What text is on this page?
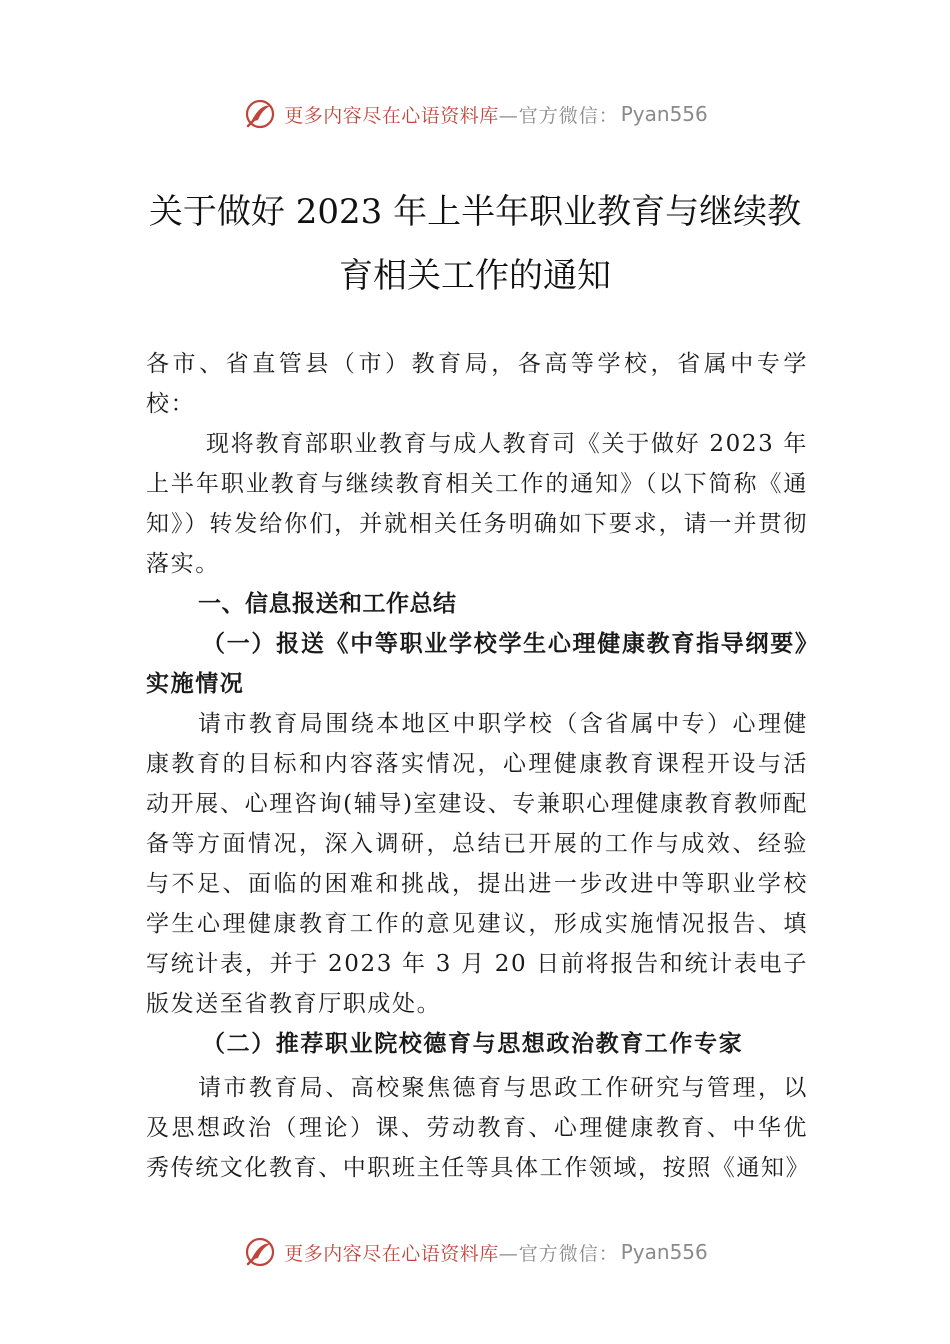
更多内容尽在心语资料库 —官方微信： Pyan556
关于做好 2023 年上半年职业教育与继续教
育相关工作的通知

各市、省直管县（市）教育局，各高等学校，省属中专学校：

现将教育部职业教育与成人教育司《关于做好 2023 年上半年职业教育与继续教育相关工作的通知》（以下简称《通知》）转发给你们，并就相关任务明确如下要求，请一并贯彻落实。

一、信息报送和工作总结

（一）报送《中等职业学校学生心理健康教育指导纲要》实施情况

请市教育局围绕本地区中职学校（含省属中专）心理健康教育的目标和内容落实情况，心理健康教育课程开设与活动开展、心理咨询(辅导)室建设、专兼职心理健康教育教师配备等方面情况，深入调研，总结已开展的工作与成效、经验与不足、面临的困难和挑战，提出进一步改进中等职业学校学生心理健康教育工作的意见建议，形成实施情况报告、填写统计表，并于 2023 年 3 月 20 日前将报告和统计表电子版发送至省教育厅职成处。

（二）推荐职业院校德育与思想政治教育工作专家

请市教育局、高校聚焦德育与思政工作研究与管理，以及思想政治（理论）课、劳动教育、心理健康教育、中华优秀传统文化教育、中职班主任等具体工作领域，按照《通知》

更多内容尽在心语资料库 —官方微信： Pyan556
